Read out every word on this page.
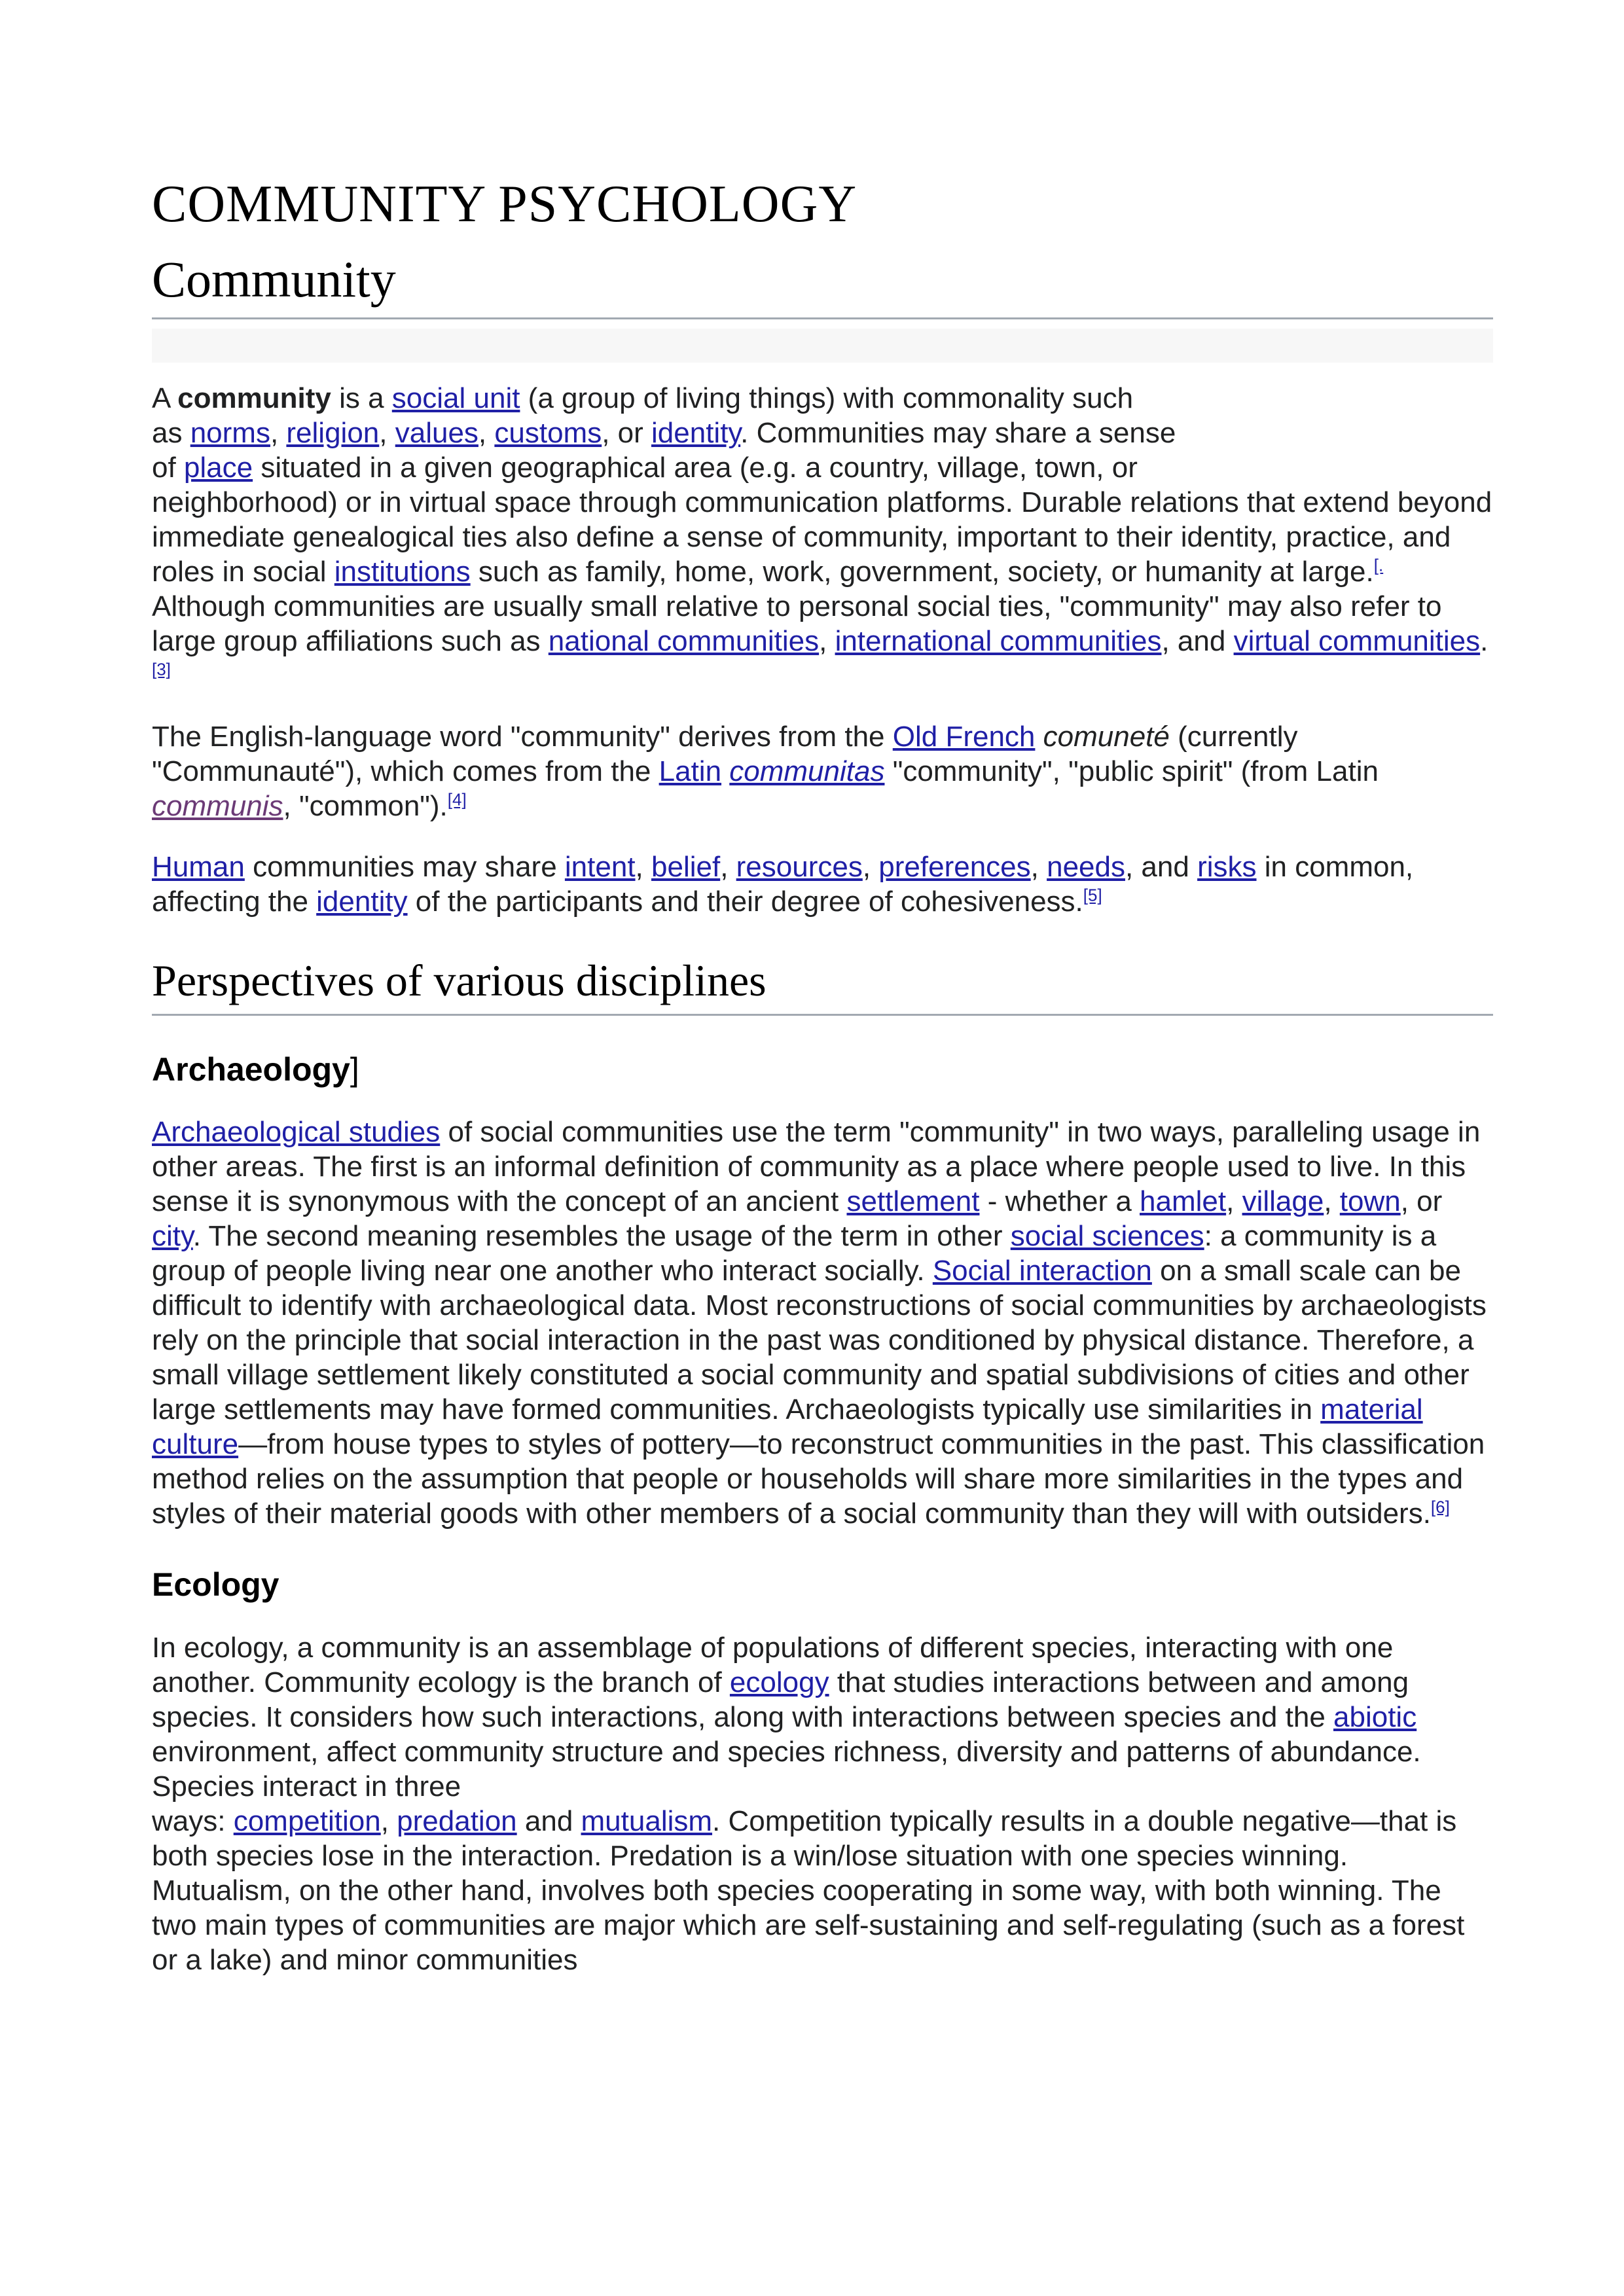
COMMUNITY PSYCHOLOGY
Community

A community is a social unit (a group of living things) with commonality such
as norms, religion, values, customs, or identity. Communities may share a sense
of place situated in a given geographical area (e.g. a country, village, town, or
neighborhood) or in virtual space through communication platforms. Durable relations that extend beyond immediate genealogical ties also define a sense of community, important to their identity, practice, and roles in social institutions such as family, home, work, government, society, or humanity at large.[. Although communities are usually small relative to personal social ties, "community" may also refer to large group affiliations such as national communities, international communities, and virtual communities.[3]

The English-language word "community" derives from the Old French comuneté (currently "Communauté"), which comes from the Latin communitas "community", "public spirit" (from Latin communis, "common").[4]

Human communities may share intent, belief, resources, preferences, needs, and risks in common, affecting the identity of the participants and their degree of cohesiveness.[5]

Perspectives of various disciplines
Archaeology]

Archaeological studies of social communities use the term "community" in two ways, paralleling usage in other areas. The first is an informal definition of community as a place where people used to live. In this sense it is synonymous with the concept of an ancient settlement - whether a hamlet, village, town, or city. The second meaning resembles the usage of the term in other social sciences: a community is a group of people living near one another who interact socially. Social interaction on a small scale can be difficult to identify with archaeological data. Most reconstructions of social communities by archaeologists rely on the principle that social interaction in the past was conditioned by physical distance. Therefore, a small village settlement likely constituted a social community and spatial subdivisions of cities and other large settlements may have formed communities. Archaeologists typically use similarities in material culture—from house types to styles of pottery—to reconstruct communities in the past. This classification method relies on the assumption that people or households will share more similarities in the types and styles of their material goods with other members of a social community than they will with outsiders.[6]

Ecology

In ecology, a community is an assemblage of populations of different species, interacting with one another. Community ecology is the branch of ecology that studies interactions between and among species. It considers how such interactions, along with interactions between species and the abiotic environment, affect community structure and species richness, diversity and patterns of abundance. Species interact in three
ways: competition, predation and mutualism. Competition typically results in a double negative—that is both species lose in the interaction. Predation is a win/lose situation with one species winning. Mutualism, on the other hand, involves both species cooperating in some way, with both winning. The two main types of communities are major which are self-sustaining and self-regulating (such as a forest or a lake) and minor communities
